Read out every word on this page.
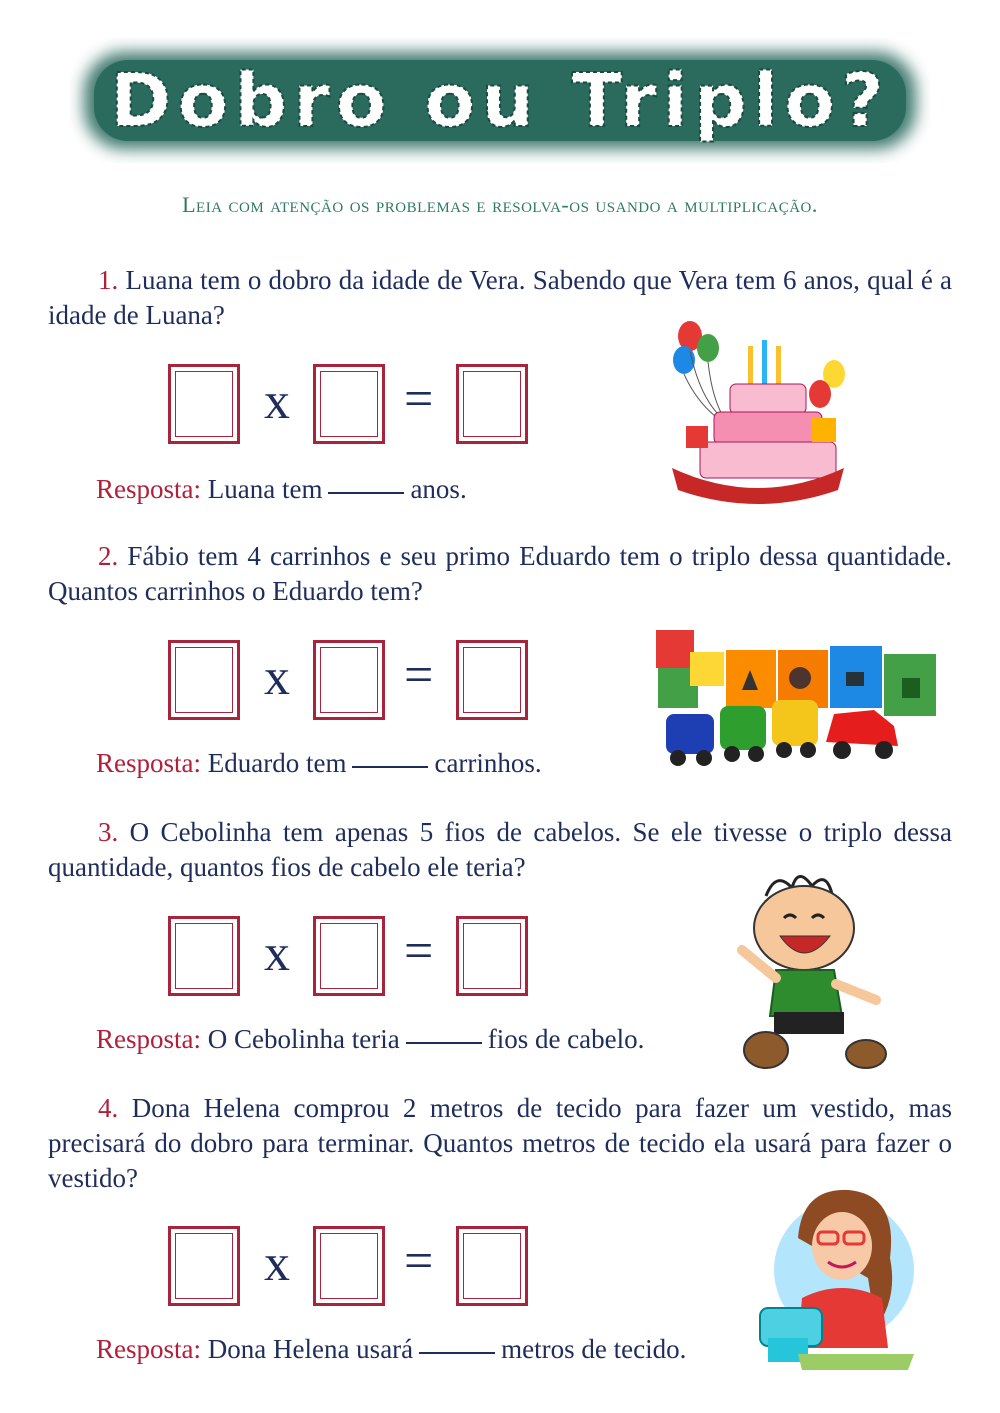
Dobro ou Triplo?
Leia com atenção os problemas e resolva-os usando a multiplicação.
1. Luana tem o dobro da idade de Vera. Sabendo que Vera tem 6 anos, qual é a idade de Luana?
x =
Resposta: Luana tem	anos.
2. Fábio tem 4 carrinhos e seu primo Eduardo tem o triplo dessa quantidade. Quantos carrinhos o Eduardo tem?
x =
Resposta: Eduardo tem	carrinhos.
3. O Cebolinha tem apenas 5 fios de cabelos. Se ele tivesse o triplo dessa quantidade, quantos fios de cabelo ele teria?
x =
Resposta: O Cebolinha teria	fios de cabelo.
4. Dona Helena comprou 2 metros de tecido para fazer um vestido, mas precisará do dobro para terminar. Quantos metros de tecido ela usará para fazer o vestido?
x =
Resposta: Dona Helena usará	metros de tecido.
